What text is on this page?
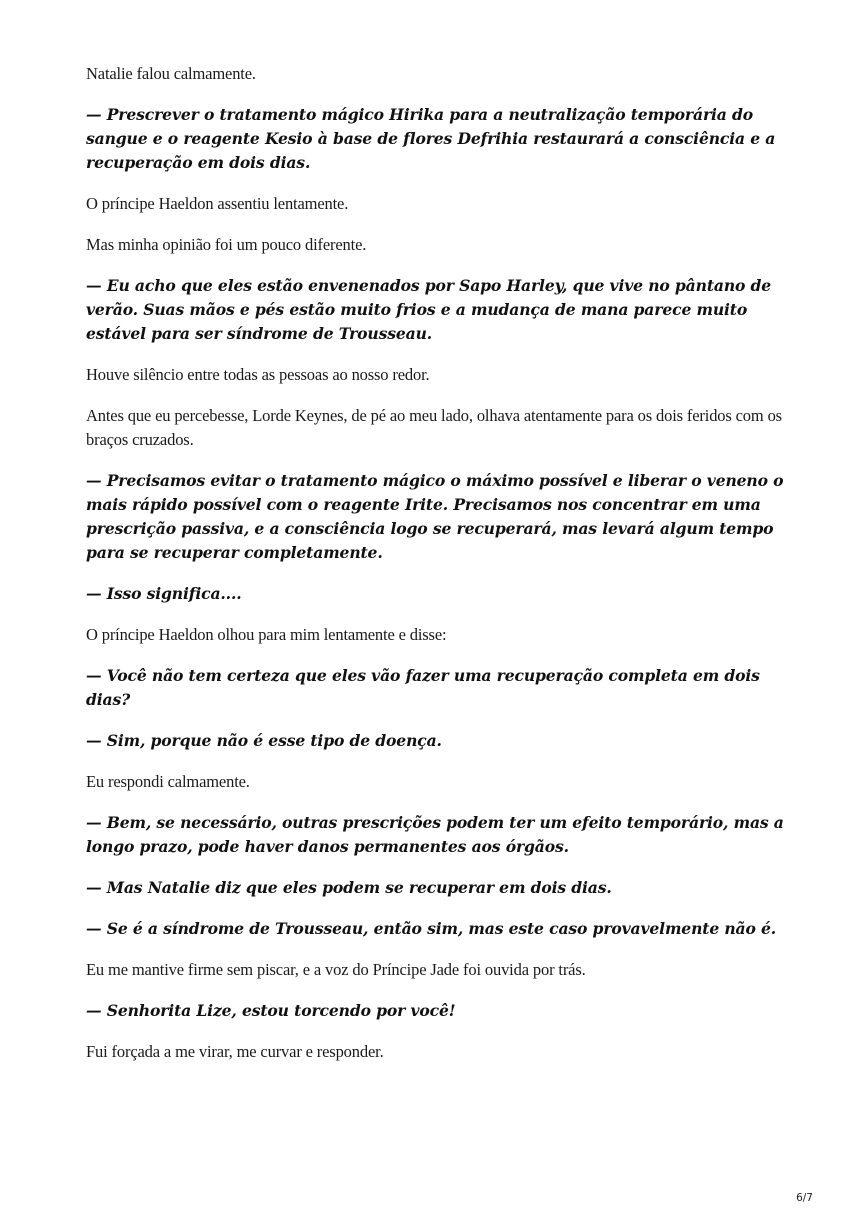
Natalie falou calmamente.

— Prescrever o tratamento mágico Hirika para a neutralização temporária do sangue e o reagente Kesio à base de flores Defrihia restaurará a consciência e a recuperação em dois dias.

O príncipe Haeldon assentiu lentamente.

Mas minha opinião foi um pouco diferente.

— Eu acho que eles estão envenenados por Sapo Harley, que vive no pântano de verão. Suas mãos e pés estão muito frios e a mudança de mana parece muito estável para ser síndrome de Trousseau.

Houve silêncio entre todas as pessoas ao nosso redor.

Antes que eu percebesse, Lorde Keynes, de pé ao meu lado, olhava atentamente para os dois feridos com os braços cruzados.

— Precisamos evitar o tratamento mágico o máximo possível e liberar o veneno o mais rápido possível com o reagente Irite. Precisamos nos concentrar em uma prescrição passiva, e a consciência logo se recuperará, mas levará algum tempo para se recuperar completamente.

— Isso significa....

O príncipe Haeldon olhou para mim lentamente e disse:

— Você não tem certeza que eles vão fazer uma recuperação completa em dois dias?

— Sim, porque não é esse tipo de doença.

Eu respondi calmamente.

— Bem, se necessário, outras prescrições podem ter um efeito temporário, mas a longo prazo, pode haver danos permanentes aos órgãos.

— Mas Natalie diz que eles podem se recuperar em dois dias.

— Se é a síndrome de Trousseau, então sim, mas este caso provavelmente não é.

Eu me mantive firme sem piscar, e a voz do Príncipe Jade foi ouvida por trás.

— Senhorita Lize, estou torcendo por você!

Fui forçada a me virar, me curvar e responder.

6/7
